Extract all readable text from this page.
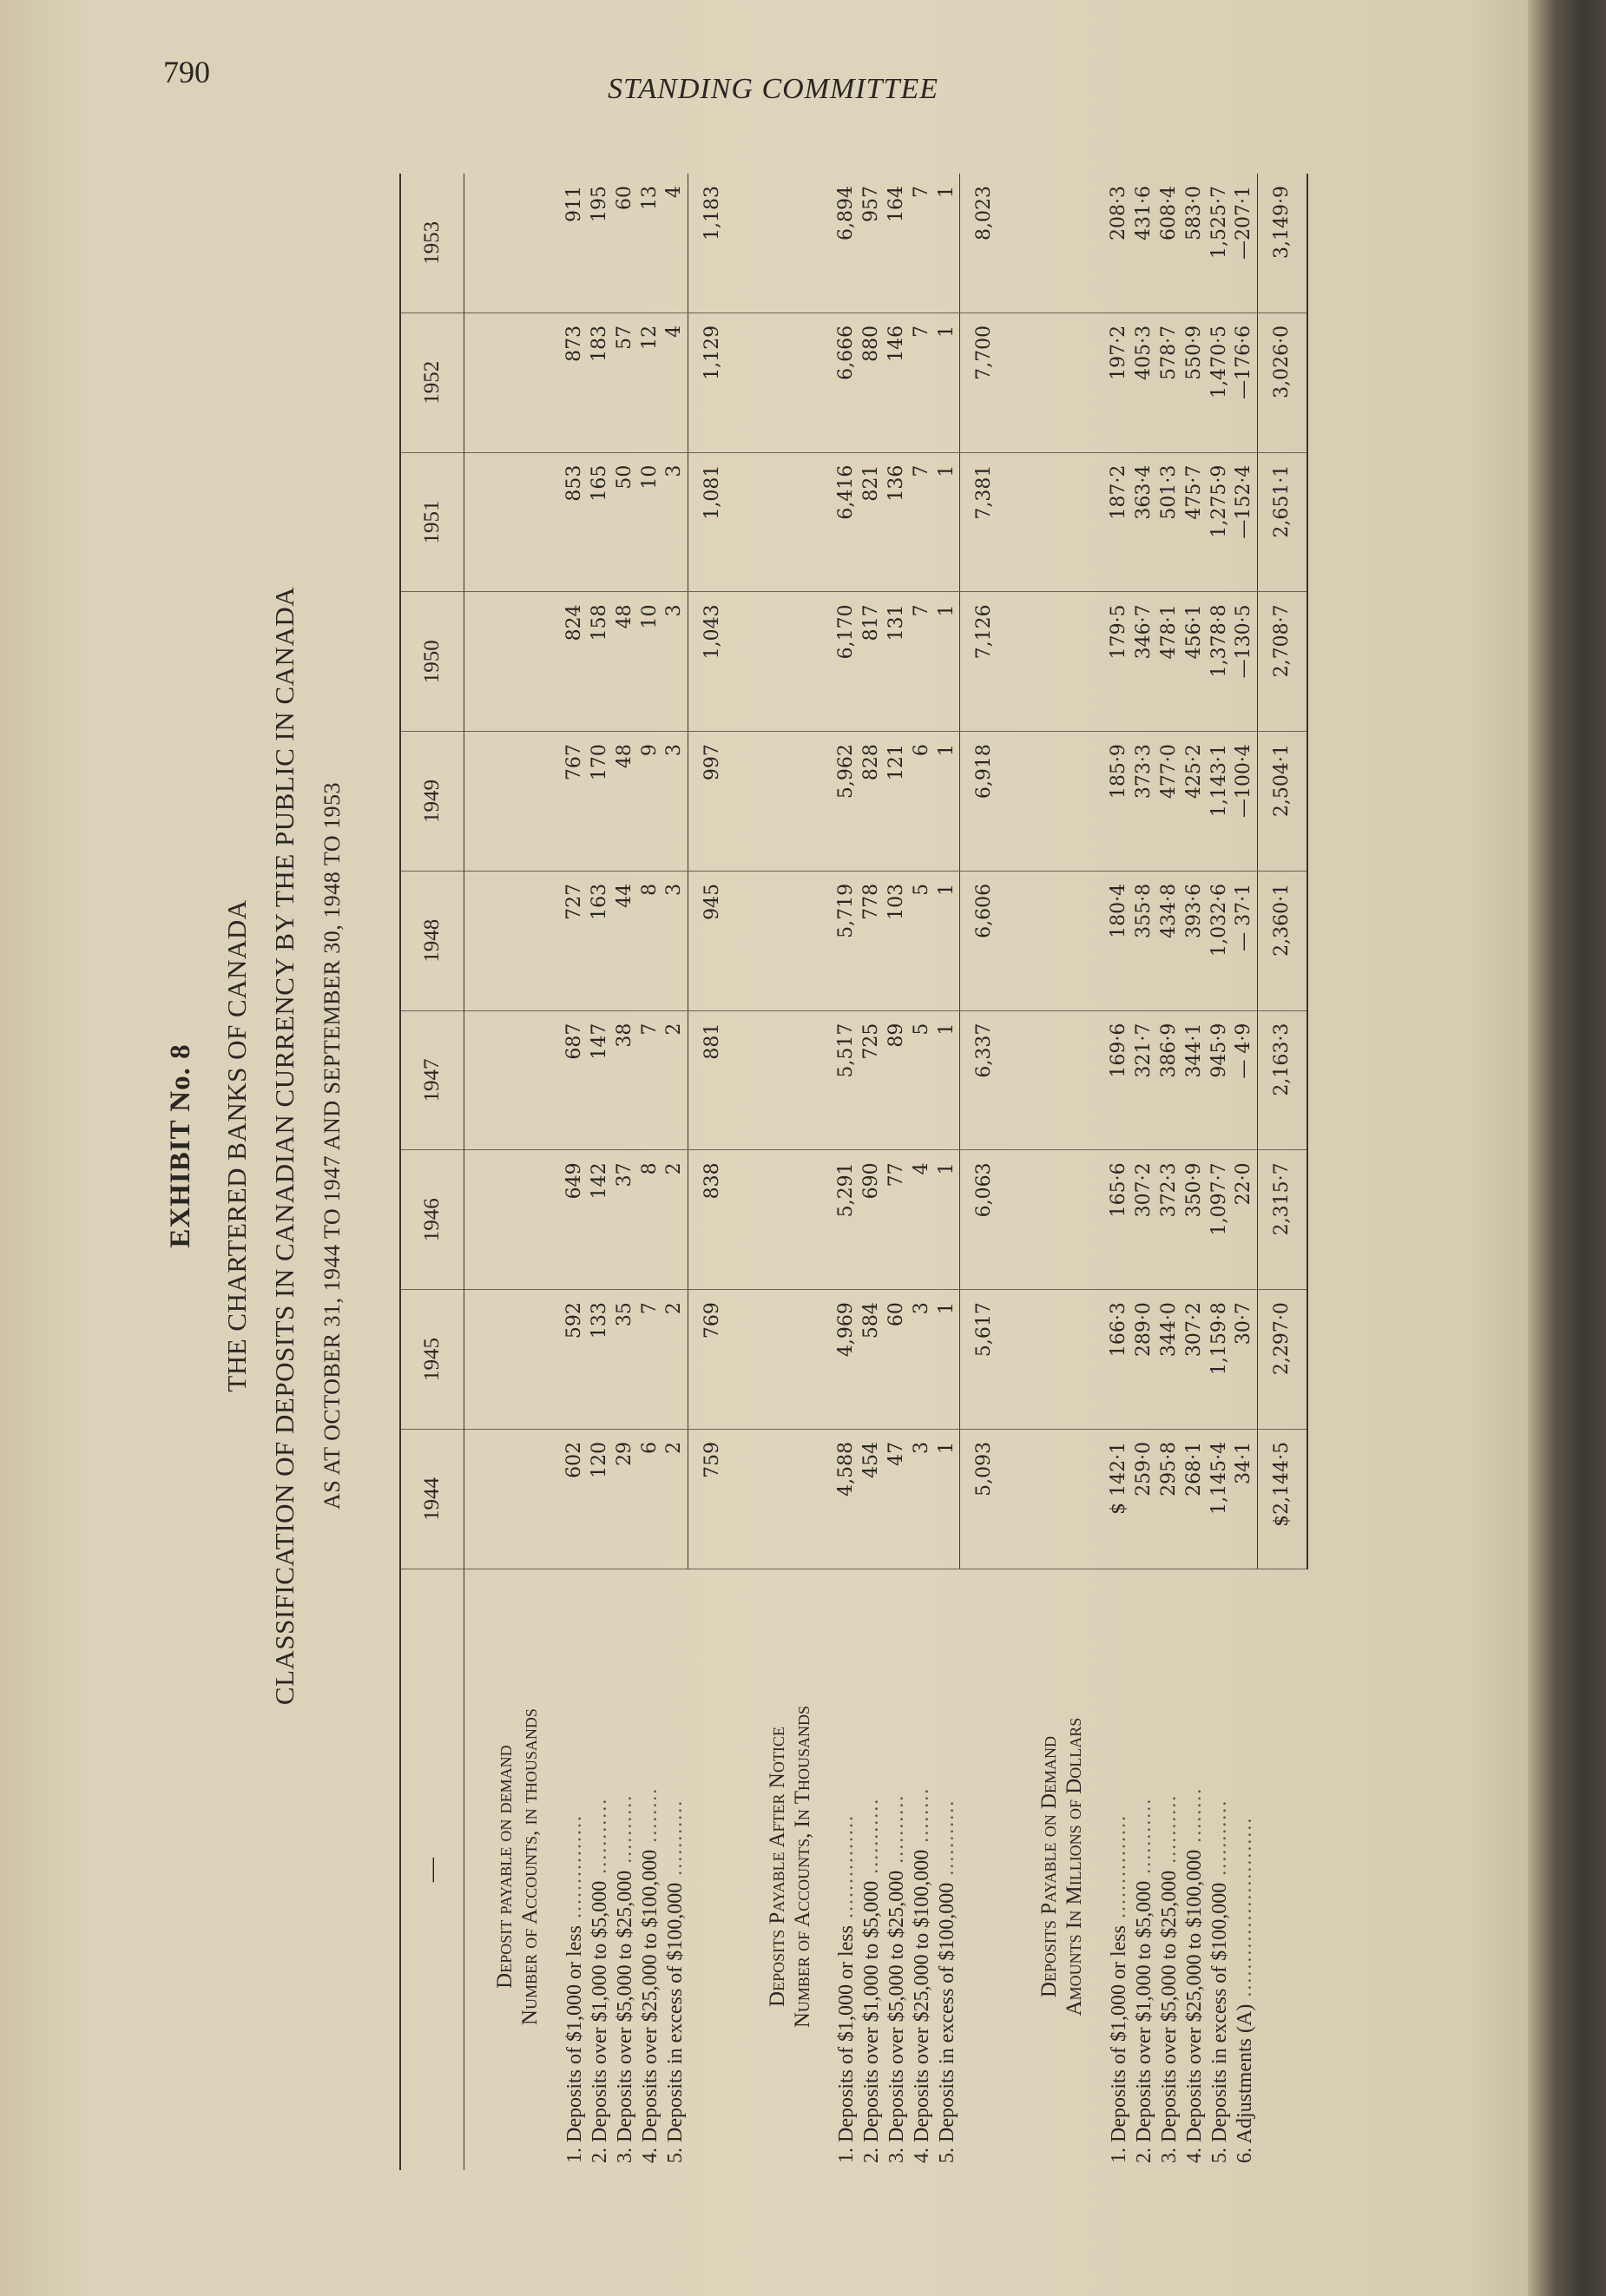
790	STANDING COMMITTEE
EXHIBIT No. 8 THE CHARTERED BANKS OF CANADA CLASSIFICATION OF DEPOSITS IN CANADIAN CURRENCY BY THE PUBLIC IN CANADA AS AT OCTOBER 31, 1944 TO 1947 AND SEPTEMBER 30, 1948 TO 1953
—	1944	1945	1946	1947	1948	1949	1950	1951	1952	1953

Deposit payable on demand Number of Accounts, in thousands										

1. Deposits of $1,000 or less ...............	602	592	649	687	727	767	824	853	873	911
2. Deposits over $1,000 to $5,000 ...........	120	133	142	147	163	170	158	165	183	195
3. Deposits over $5,000 to $25,000 ..........	29	35	37	38	44	48	48	50	57	60
4. Deposits over $25,000 to $100,000 ........	6	7	8	7	8	9	10	10	12	13
5. Deposits in excess of $100,000 ...........	2	2	2	2	3	3	3	3	4	4
	759	769	838	881	945	997	1,043	1,081	1,129	1,183

Deposits Payable After Notice Number of Accounts, In Thousands										

1. Deposits of $1,000 or less ...............	4,588	4,969	5,291	5,517	5,719	5,962	6,170	6,416	6,666	6,894
2. Deposits over $1,000 to $5,000 ...........	454	584	690	725	778	828	817	821	880	957
3. Deposits over $5,000 to $25,000 ..........	47	60	77	89	103	121	131	136	146	164
4. Deposits over $25,000 to $100,000 ........	3	3	4	5	5	6	7	7	7	7
5. Deposits in excess of $100,000 ...........	1	1	1	1	1	1	1	1	1	1
	5,093	5,617	6,063	6,337	6,606	6,918	7,126	7,381	7,700	8,023

Deposits Payable on Demand Amounts In Millions of Dollars										

1. Deposits of $1,000 or less ...............	$ 142·1	166·3	165·6	169·6	180·4	185·9	179·5	187·2	197·2	208·3
2. Deposits over $1,000 to $5,000 ...........	259·0	289·0	307·2	321·7	355·8	373·3	346·7	363·4	405·3	431·6
3. Deposits over $5,000 to $25,000 ..........	295·8	344·0	372·3	386·9	434·8	477·0	478·1	501·3	578·7	608·4
4. Deposits over $25,000 to $100,000 ........	268·1	307·2	350·9	344·1	393·6	425·2	456·1	475·7	550·9	583·0
5. Deposits in excess of $100,000 ...........	1,145·4	1,159·8	1,097·7	945·9	1,032·6	1,143·1	1,378·8	1,275·9	1,470·5	1,525·7
6. Adjustments (A) ..........................	34·1	30·7	22·0	— 4·9	— 37·1	—100·4	—130·5	—152·4	—176·6	—207·1
	$2,144·5	2,297·0	2,315·7	2,163·3	2,360·1	2,504·1	2,708·7	2,651·1	3,026·0	3,149·9
